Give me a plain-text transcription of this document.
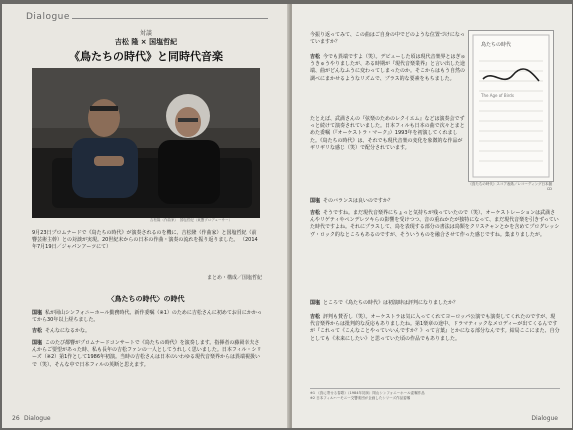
Dialogue
対談
吉松 隆 × 国塩哲紀
《鳥たちの時代》と同時代音楽
吉松隆（作曲家）　国塩哲紀（東響プロデューサー）
9月23日プロムナードで《鳥たちの時代》が演奏されるのを機に、吉松隆（作曲家）と国塩哲紀（前響芸術主幹）との対談が実現。20世紀末からの日本の作曲・演奏の流れを振り返りました。 （2014年7月19日／ジャパンアーツにて）
まとめ・構成／国塩哲紀
〈鳥たちの時代〉の時代
国塩 私が岡山シンフォニーホール勤務時代、新作委嘱（※1）のために吉松さんに初めてお目にかかってから30年以上経ちました。
吉松 そんなになるかな。
国塩 このたび都響がプロムナードコンサートで《鳥たちの時代》を演奏します。指揮者の藤岡幸夫さんからご要望があった時、私も長年の吉松ファンの一人としてうれしく思いました。日本フィル・シリーズ（※2）第1作として1986年初演。当時の吉松さんは日本のいわゆる現代音楽界からは異端視扱いで（笑）、そんな中で日本フィルの英断と思えます。
26 Dialogue
今振り返ってみて、この曲はご自身の中でどのような位置づけになっていますか？
吉松 今でも異端ですよ（笑）。デビューした頃は現代音楽界とはぎゅうきゅうやりましたが、ある時期が『現代音楽業界』と言い出した途端、曲がどんなふうに変わってしまったのか。そこからはもう自然の調べにまかせるようなリズムで、ブラス的な要素をもちました。
たとえば、武満さんの『弦楽のためのレクイエム』などは演奏会でずっと続けて演奏されていました。日本フィルも日本の曲で次々とまとめた委嘱（『オーケストラ・マーク』）1993年を初演してくれました。《鳥たちの時代》は、それでも現代音楽の変化を象徴的な作品がギリギリな感じ（笑）で配分されています。
鳥たちの時代
The Age of Birds
《鳥たちの時代》スコア表紙／レコーディング日本盤CD
国塩 そのバランスは良いのですか？
吉松 そうですね。まだ現代音楽界にちょっと気持ちが残っていたので（笑）、オーケストレーションは武満さんやリゲティやペンデレツキらの影響を受けつつ、音の重ねかたが独特になって、まだ現代音楽を引きずっていた時代ですよね。それにプラスして、鳥を表現する部分の書法は鳥類をクリスチャンとかを含めてプログレッシヴ・ロック的なところもあるのですが、そういうものを融合させて作った感じですね。集まりましたが。
国塩 ところで《鳥たちの時代》は初演時は評判になりましたか？
吉松 評判も賛否し（笑）。オーケストラは気に入ってくれてヨーロッパ公演でも演奏してくれたのですが、現代音楽界からは批判的な反応もありましたね。第1楽章の途中、ドラマティックなメロディーが出てくるんですが『これって《こんなことやっていいんですか？》って言葉』とかになる部分なんです。結局ここにまた、自分としても《未来にしたい》と思っていた頃の作品でもありました。
※1 《鳥に寄せる春歌》（1984年初演）岡山シンフォニーホール委嘱作品
※2 日本フィルハーモニー交響楽団が企画したシリーズ作品委嘱
Dialogue
